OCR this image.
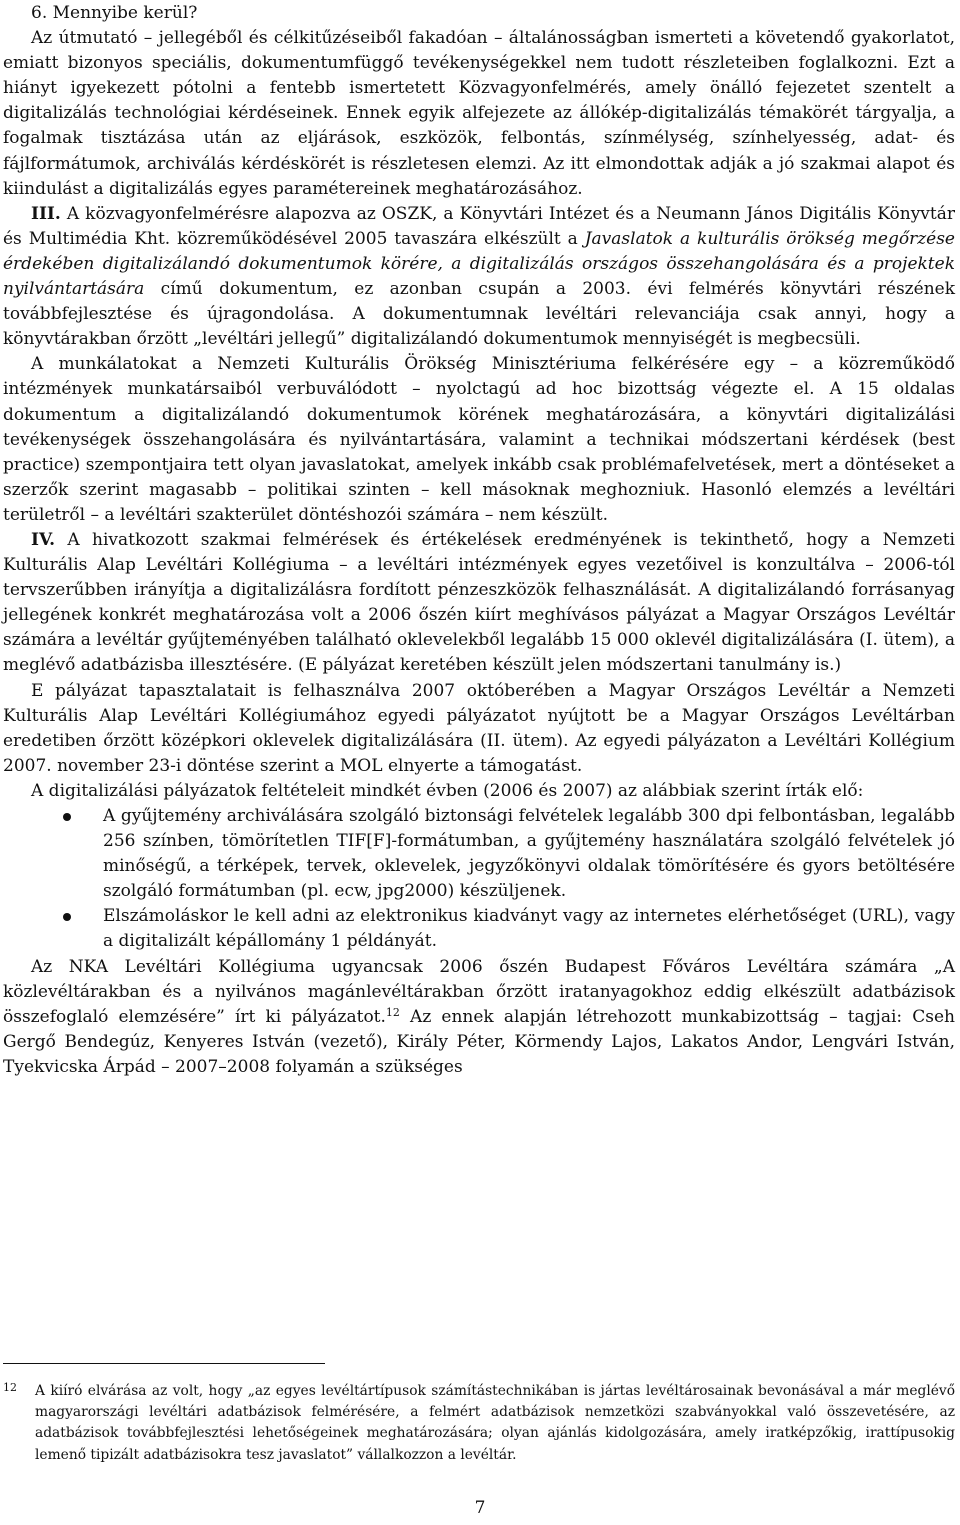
6. Mennyibe kerül?

Az útmutató – jellegéből és célkitűzéseiből fakadóan – általánosságban ismerteti a követendő gyakorlatot, emiatt bizonyos speciális, dokumentumfüggő tevékenységekkel nem tudott részleteiben foglalkozni. Ezt a hiányt igyekezett pótolni a fentebb ismertetett Közvagyonfelmérés, amely önálló fejezetet szentelt a digitalizálás technológiai kérdéseinek. Ennek egyik alfejezete az állókép-digitalizálás témakörét tárgyalja, a fogalmak tisztázása után az eljárások, eszközök, felbontás, színmélység, színhelyesség, adat- és fájlformátumok, archiválás kérdéskörét is részletesen elemzi. Az itt elmondottak adják a jó szakmai alapot és kiindulást a digitalizálás egyes paramétereinek meghatározásához.

III. A közvagyonfelmérésre alapozva az OSZK, a Könyvtári Intézet és a Neumann János Digitális Könyvtár és Multimédia Kht. közreműködésével 2005 tavaszára elkészült a Javaslatok a kulturális örökség megőrzése érdekében digitalizálandó dokumentumok körére, a digitalizálás országos összehangolására és a projektek nyilvántartására című dokumentum, ez azonban csupán a 2003. évi felmérés könyvtári részének továbbfejlesztése és újragondolása. A dokumentumnak levéltári relevanciája csak annyi, hogy a könyvtárakban őrzött „levéltári jellegű” digitalizálandó dokumentumok mennyiségét is megbecsüli.

A munkálatokat a Nemzeti Kulturális Örökség Minisztériuma felkérésére egy – a közreműködő intézmények munkatársaiból verbuválódott – nyolctagú ad hoc bizottság végezte el. A 15 oldalas dokumentum a digitalizálandó dokumentumok körének meghatározására, a könyvtári digitalizálási tevékenységek összehangolására és nyilvántartására, valamint a technikai módszertani kérdések (best practice) szempontjaira tett olyan javaslatokat, amelyek inkább csak problémafelvetések, mert a döntéseket a szerzők szerint magasabb – politikai szinten – kell másoknak meghozniuk. Hasonló elemzés a levéltári területről – a levéltári szakterület döntéshozói számára – nem készült.

IV. A hivatkozott szakmai felmérések és értékelések eredményének is tekinthető, hogy a Nemzeti Kulturális Alap Levéltári Kollégiuma – a levéltári intézmények egyes vezetőivel is konzultálva – 2006-tól tervszerűbben irányítja a digitalizálásra fordított pénzeszközök felhasználását. A digitalizálandó forrásanyag jellegének konkrét meghatározása volt a 2006 őszén kiírt meghívásos pályázat a Magyar Országos Levéltár számára a levéltár gyűjteményében található oklevelekből legalább 15 000 oklevél digitalizálására (I. ütem), a meglévő adatbázisba illesztésére. (E pályázat keretében készült jelen módszertani tanulmány is.)

E pályázat tapasztalatait is felhasználva 2007 októberében a Magyar Országos Levéltár a Nemzeti Kulturális Alap Levéltári Kollégiumához egyedi pályázatot nyújtott be a Magyar Országos Levéltárban eredetiben őrzött középkori oklevelek digitalizálására (II. ütem). Az egyedi pályázaton a Levéltári Kollégium 2007. november 23-i döntése szerint a MOL elnyerte a támogatást.

A digitalizálási pályázatok feltételeit mindkét évben (2006 és 2007) az alábbiak szerint írták elő:

A gyűjtemény archiválására szolgáló biztonsági felvételek legalább 300 dpi felbontásban, legalább 256 színben, tömörítetlen TIF[F]-formátumban, a gyűjtemény használatára szolgáló felvételek jó minőségű, a térképek, tervek, oklevelek, jegyzőkönyvi oldalak tömörítésére és gyors betöltésére szolgáló formátumban (pl. ecw, jpg2000) készüljenek.
Elszámoláskor le kell adni az elektronikus kiadványt vagy az internetes elérhetőséget (URL), vagy a digitalizált képállomány 1 példányát.

Az NKA Levéltári Kollégiuma ugyancsak 2006 őszén Budapest Főváros Levéltára számára „A közlevéltárakban és a nyilvános magánlevéltárakban őrzött iratanyagokhoz eddig elkészült adatbázisok összefoglaló elemzésére” írt ki pályázatot.$^{12}$ Az ennek alapján létrehozott munkabizottság – tagjai: Cseh Gergő Bendegúz, Kenyeres István (vezető), Király Péter, Körmendy Lajos, Lakatos Andor, Lengvári István, Tyekvicska Árpád – 2007–2008 folyamán a szükséges

12 A kiíró elvárása az volt, hogy „az egyes levéltártípusok számítástechnikában is jártas levéltárosainak bevonásával a már meglévő magyarországi levéltári adatbázisok felmérésére, a felmért adatbázisok nemzetközi szabványokkal való összevetésére, az adatbázisok továbbfejlesztési lehetőségeinek meghatározására; olyan ajánlás kidolgozására, amely iratképzőkig, irattípusokig lemenő tipizált adatbázisokra tesz javaslatot” vállalkozzon a levéltár.
7
